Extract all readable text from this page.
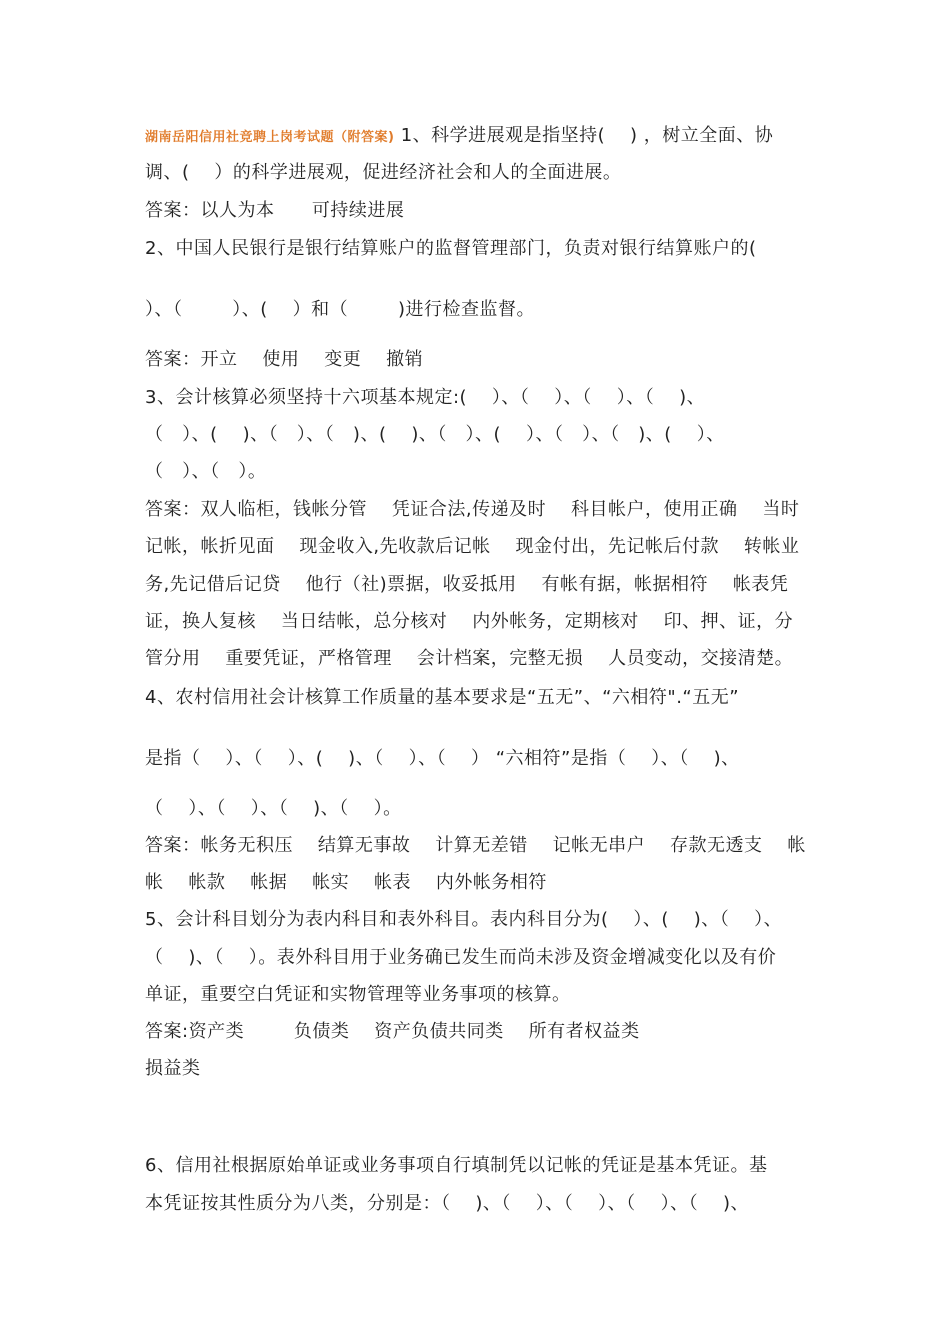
湖南岳阳信用社竞聘上岗考试题（附答案) 1、科学进展观是指坚持(    ) ，树立全面、协
调、(    ）的科学进展观，促进经济社会和人的全面进展。
答案：以人为本      可持续进展
2、中国人民银行是银行结算账户的监督管理部门，负责对银行结算账户的(
）、（        ）、(    ）和（        )进行检查监督。
答案：开立    使用    变更    撤销
3、会计核算必须坚持十六项基本规定:(    ）、（    ）、（    ）、（    )、
（   ）、(    )、（   ）、（   )、(    )、（   ）、(    ）、（   ）、（   )、(    ）、
（   ）、（   ）。
答案：双人临柜，钱帐分管    凭证合法,传递及时    科目帐户，使用正确    当时
记帐，帐折见面    现金收入,先收款后记帐    现金付出，先记帐后付款    转帐业
务,先记借后记贷    他行（社)票据，收妥抵用    有帐有据，帐据相符    帐表凭
证，换人复核    当日结帐，总分核对    内外帐务，定期核对    印、押、证，分
管分用    重要凭证，严格管理    会计档案，完整无损    人员变动，交接清楚。
4、农村信用社会计核算工作质量的基本要求是“五无”、“六相符".“五无”
是指（    ）、（    ）、(    )、（    ）、（    ） “六相符”是指（    ）、（    )、
（    ）、（    ）、（    )、（    ）。
答案：帐务无积压    结算无事故    计算无差错    记帐无串户    存款无透支    帐
帐    帐款    帐据    帐实    帐表    内外帐务相符
5、会计科目划分为表内科目和表外科目。表内科目分为(    ）、(    )、（    ）、
（    )、（    ）。表外科目用于业务确已发生而尚未涉及资金增减变化以及有价
单证，重要空白凭证和实物管理等业务事项的核算。
答案:资产类        负债类    资产负债共同类    所有者权益类
损益类
6、信用社根据原始单证或业务事项自行填制凭以记帐的凭证是基本凭证。基
本凭证按其性质分为八类，分别是：（    )、（    ）、（    ）、（    ）、（    )、
